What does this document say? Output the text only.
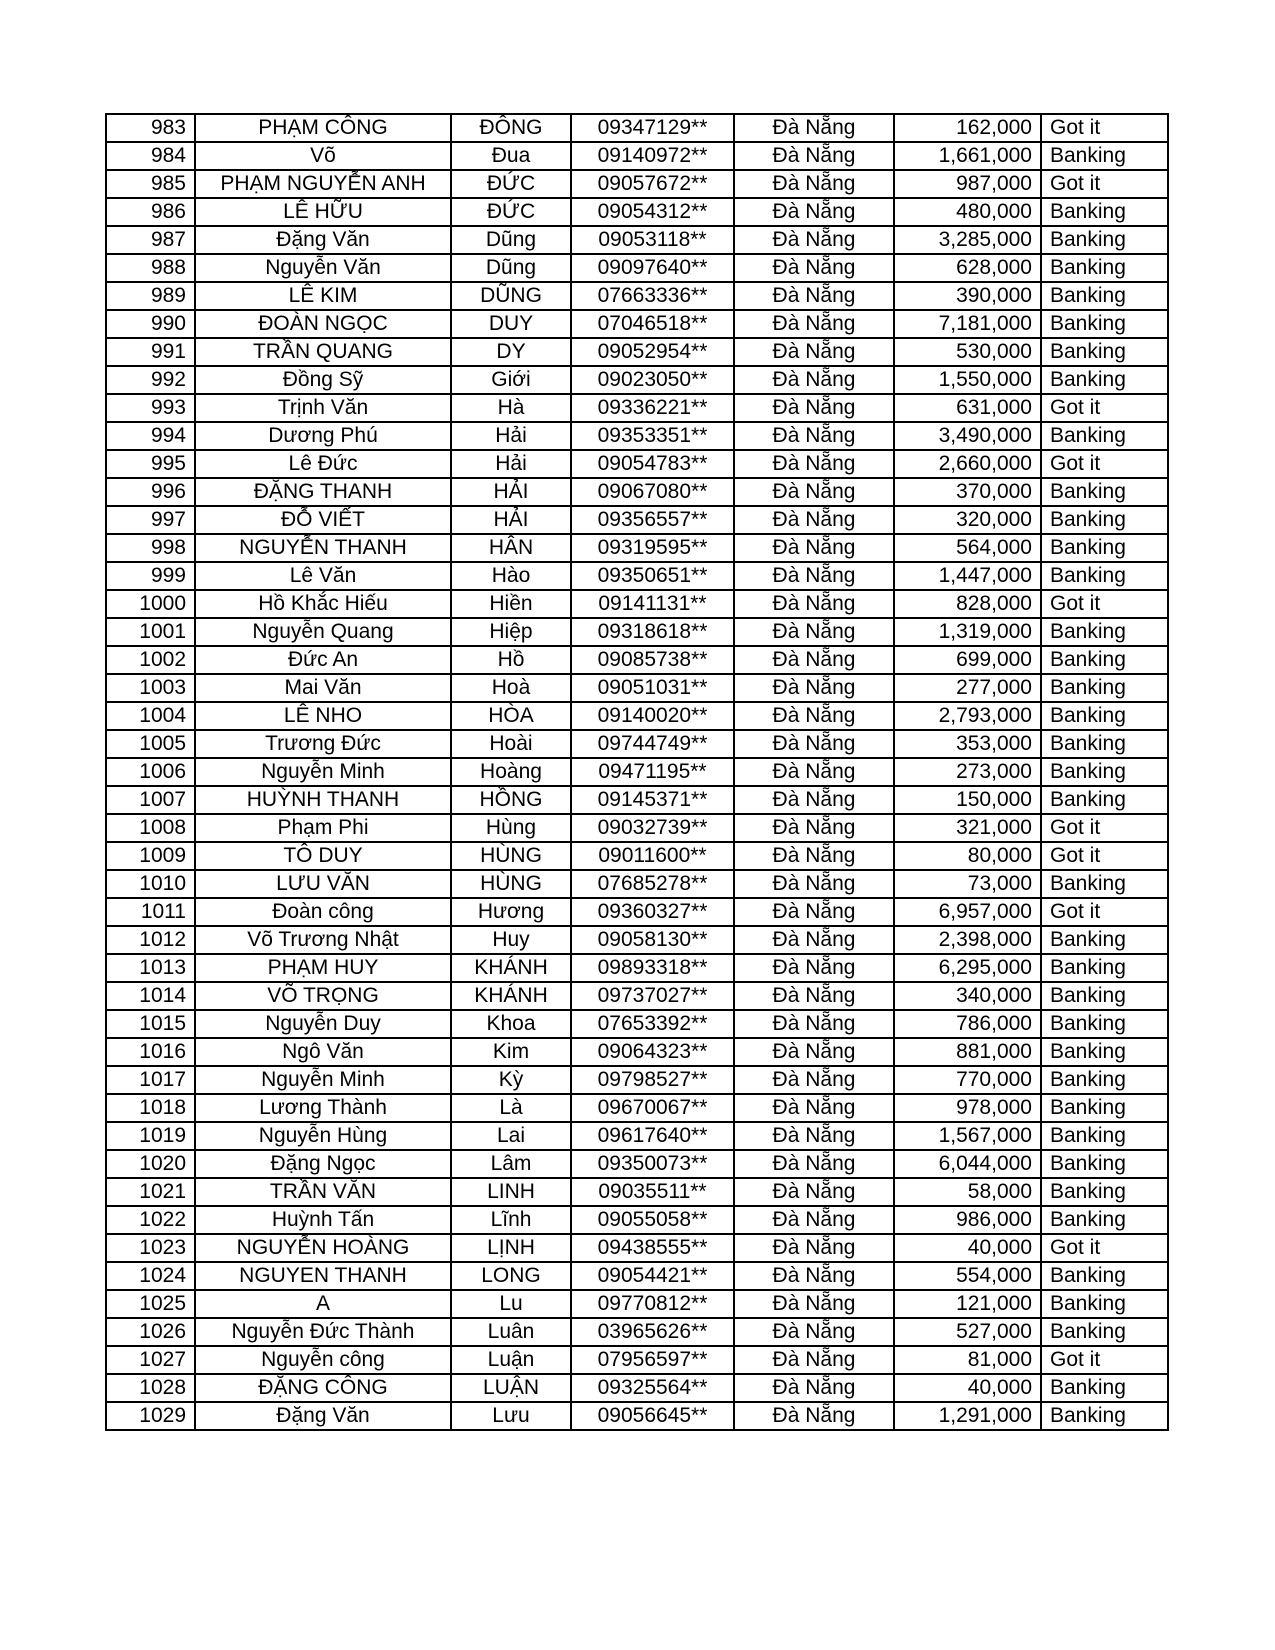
983	PHẠM CÔNG	ĐÔNG	09347129**	Đà Nẵng	162,000	Got it
984	Võ	Đua	09140972**	Đà Nẵng	1,661,000	Banking
985	PHẠM NGUYỄN ANH	ĐỨC	09057672**	Đà Nẵng	987,000	Got it
986	LÊ HỮU	ĐỨC	09054312**	Đà Nẵng	480,000	Banking
987	Đặng Văn	Dũng	09053118**	Đà Nẵng	3,285,000	Banking
988	Nguyễn Văn	Dũng	09097640**	Đà Nẵng	628,000	Banking
989	LÊ KIM	DŨNG	07663336**	Đà Nẵng	390,000	Banking
990	ĐOÀN NGỌC	DUY	07046518**	Đà Nẵng	7,181,000	Banking
991	TRẦN QUANG	DY	09052954**	Đà Nẵng	530,000	Banking
992	Đồng Sỹ	Giới	09023050**	Đà Nẵng	1,550,000	Banking
993	Trịnh Văn	Hà	09336221**	Đà Nẵng	631,000	Got it
994	Dương Phú	Hải	09353351**	Đà Nẵng	3,490,000	Banking
995	Lê Đức	Hải	09054783**	Đà Nẵng	2,660,000	Got it
996	ĐẶNG THANH	HẢI	09067080**	Đà Nẵng	370,000	Banking
997	ĐỖ VIẾT	HẢI	09356557**	Đà Nẵng	320,000	Banking
998	NGUYỄN THANH	HÂN	09319595**	Đà Nẵng	564,000	Banking
999	Lê Văn	Hào	09350651**	Đà Nẵng	1,447,000	Banking
1000	Hồ Khắc Hiếu	Hiền	09141131**	Đà Nẵng	828,000	Got it
1001	Nguyễn Quang	Hiệp	09318618**	Đà Nẵng	1,319,000	Banking
1002	Đức An	Hồ	09085738**	Đà Nẵng	699,000	Banking
1003	Mai Văn	Hoà	09051031**	Đà Nẵng	277,000	Banking
1004	LÊ NHO	HÒA	09140020**	Đà Nẵng	2,793,000	Banking
1005	Trương Đức	Hoài	09744749**	Đà Nẵng	353,000	Banking
1006	Nguyễn Minh	Hoàng	09471195**	Đà Nẵng	273,000	Banking
1007	HUỲNH THANH	HỒNG	09145371**	Đà Nẵng	150,000	Banking
1008	Phạm Phi	Hùng	09032739**	Đà Nẵng	321,000	Got it
1009	TÔ DUY	HÙNG	09011600**	Đà Nẵng	80,000	Got it
1010	LƯU VĂN	HÙNG	07685278**	Đà Nẵng	73,000	Banking
1011	Đoàn công	Hương	09360327**	Đà Nẵng	6,957,000	Got it
1012	Võ Trương Nhật	Huy	09058130**	Đà Nẵng	2,398,000	Banking
1013	PHẠM HUY	KHÁNH	09893318**	Đà Nẵng	6,295,000	Banking
1014	VÕ TRỌNG	KHÁNH	09737027**	Đà Nẵng	340,000	Banking
1015	Nguyễn Duy	Khoa	07653392**	Đà Nẵng	786,000	Banking
1016	Ngô Văn	Kim	09064323**	Đà Nẵng	881,000	Banking
1017	Nguyễn Minh	Kỳ	09798527**	Đà Nẵng	770,000	Banking
1018	Lương Thành	Là	09670067**	Đà Nẵng	978,000	Banking
1019	Nguyễn Hùng	Lai	09617640**	Đà Nẵng	1,567,000	Banking
1020	Đặng Ngọc	Lâm	09350073**	Đà Nẵng	6,044,000	Banking
1021	TRẦN VĂN	LINH	09035511**	Đà Nẵng	58,000	Banking
1022	Huỳnh Tấn	Lĩnh	09055058**	Đà Nẵng	986,000	Banking
1023	NGUYỄN HOÀNG	LỊNH	09438555**	Đà Nẵng	40,000	Got it
1024	NGUYEN THANH	LONG	09054421**	Đà Nẵng	554,000	Banking
1025	A	Lu	09770812**	Đà Nẵng	121,000	Banking
1026	Nguyễn Đức Thành	Luân	03965626**	Đà Nẵng	527,000	Banking
1027	Nguyễn công	Luận	07956597**	Đà Nẵng	81,000	Got it
1028	ĐẶNG CÔNG	LUẬN	09325564**	Đà Nẵng	40,000	Banking
1029	Đặng Văn	Lưu	09056645**	Đà Nẵng	1,291,000	Banking
